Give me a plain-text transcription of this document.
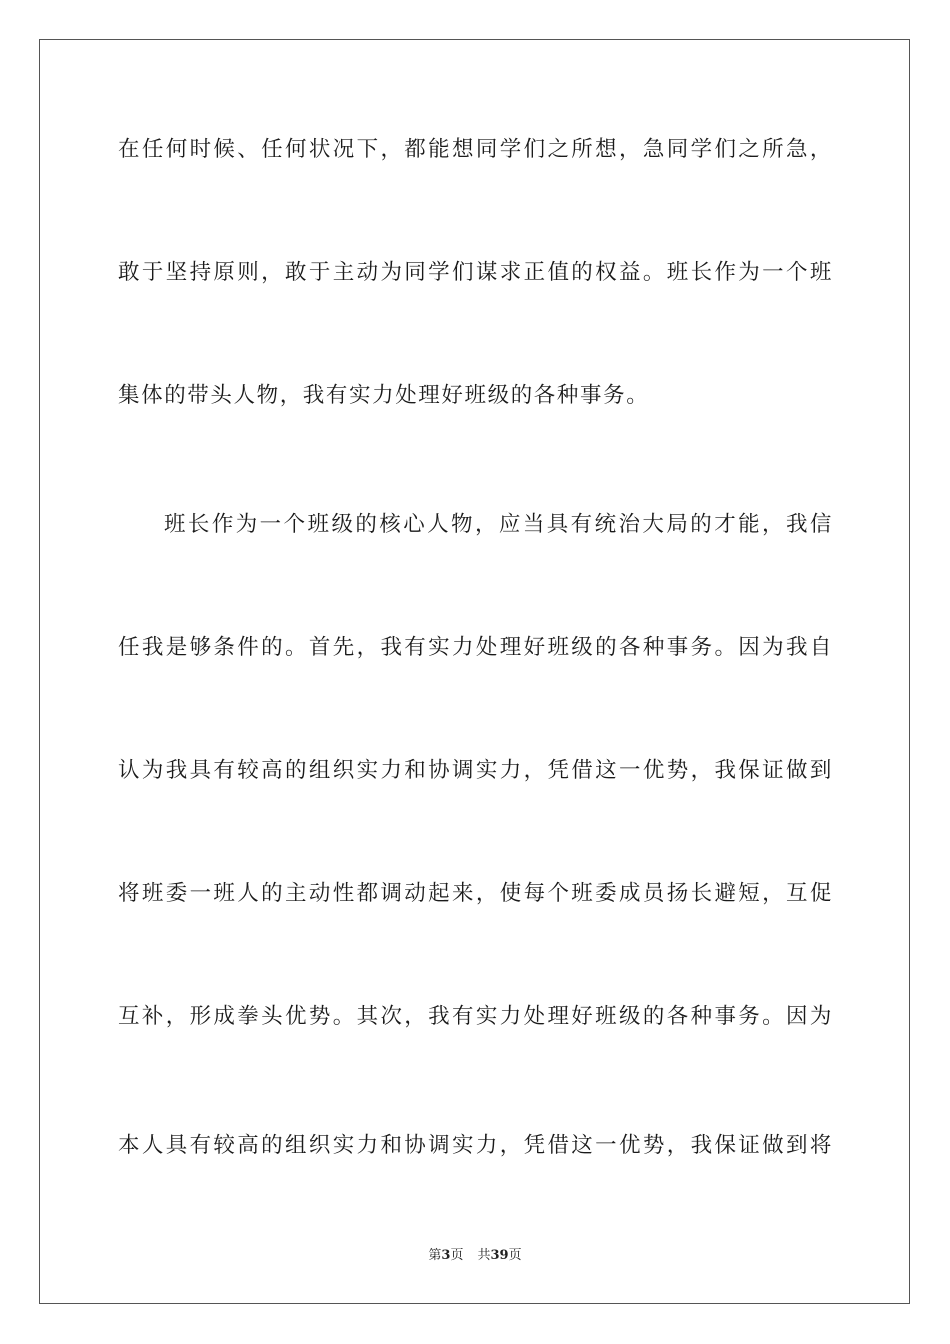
在任何时候、任何状况下，都能想同学们之所想，急同学们之所急，
敢于坚持原则，敢于主动为同学们谋求正值的权益。班长作为一个班
集体的带头人物，我有实力处理好班级的各种事务。
班长作为一个班级的核心人物，应当具有统治大局的才能，我信
任我是够条件的。首先，我有实力处理好班级的各种事务。因为我自
认为我具有较高的组织实力和协调实力，凭借这一优势，我保证做到
将班委一班人的主动性都调动起来，使每个班委成员扬长避短，互促
互补，形成拳头优势。其次，我有实力处理好班级的各种事务。因为
本人具有较高的组织实力和协调实力，凭借这一优势，我保证做到将
第3页 共39页
